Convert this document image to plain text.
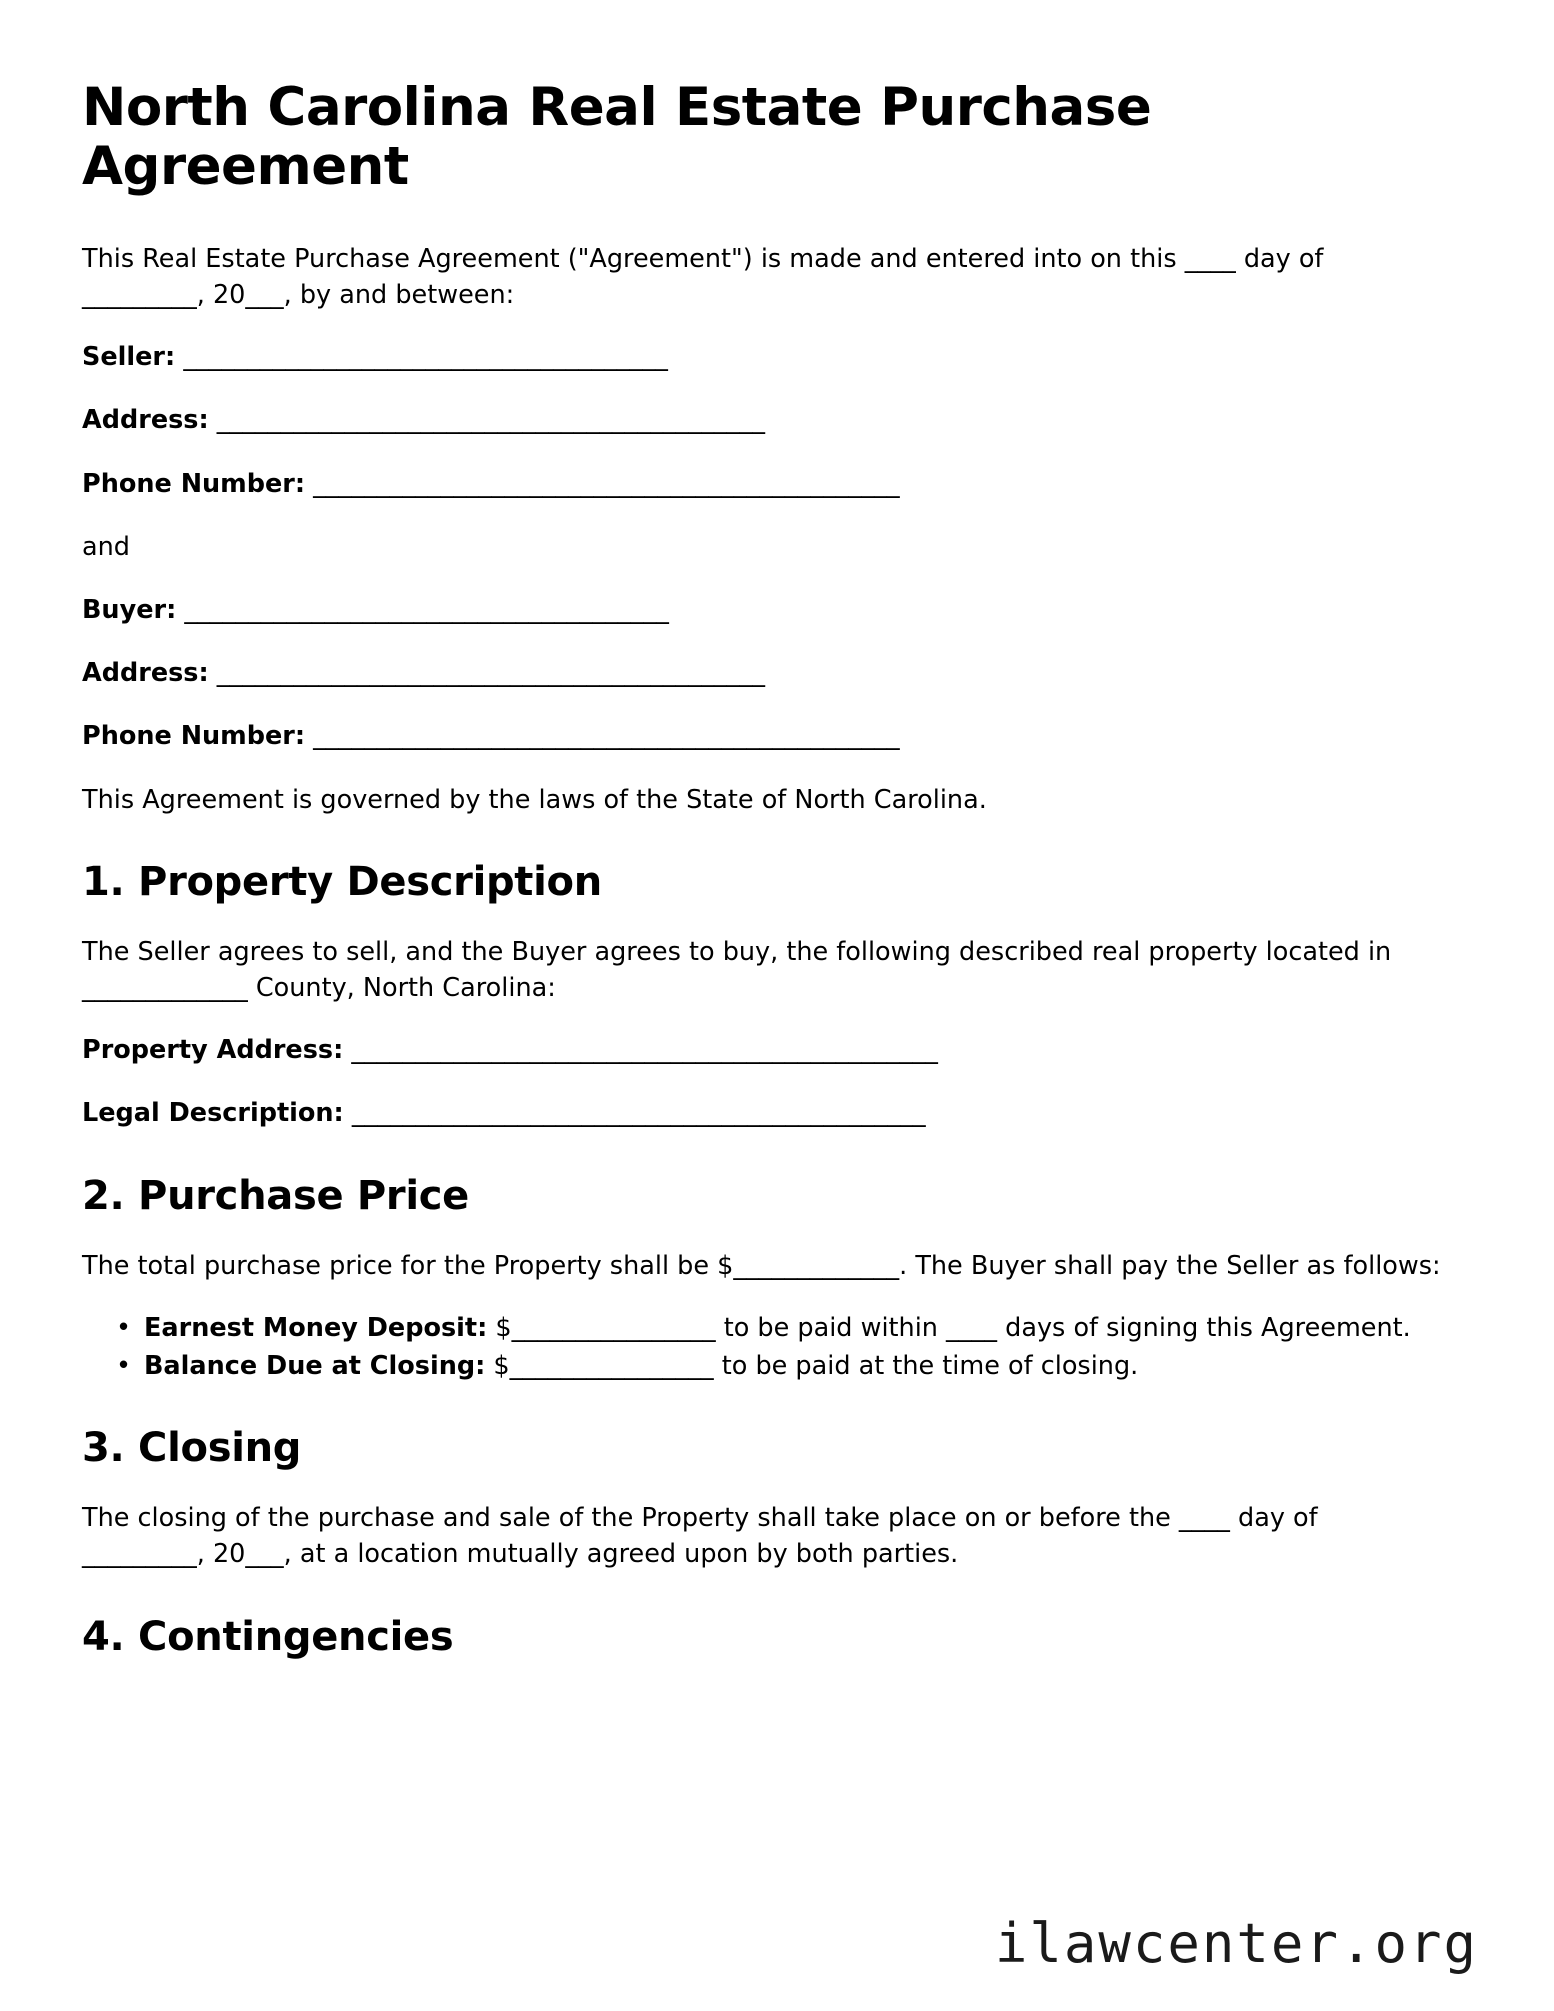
North Carolina Real Estate Purchase Agreement

This Real Estate Purchase Agreement ("Agreement") is made and entered into on this ____ day of _________, 20___, by and between:

Seller: ______________________________________
Address: ___________________________________________
Phone Number: ______________________________________________
and
Buyer: ______________________________________
Address: ___________________________________________
Phone Number: ______________________________________________

This Agreement is governed by the laws of the State of North Carolina.

1. Property Description

The Seller agrees to sell, and the Buyer agrees to buy, the following described real property located in _____________ County, North Carolina:

Property Address: ______________________________________________
Legal Description: _____________________________________________
2. Purchase Price

The total purchase price for the Property shall be $_____________. The Buyer shall pay the Seller as follows:

• Earnest Money Deposit: $________________ to be paid within ____ days of signing this Agreement.
• Balance Due at Closing: $________________ to be paid at the time of closing.
3. Closing

The closing of the purchase and sale of the Property shall take place on or before the ____ day of _________, 20___, at a location mutually agreed upon by both parties.

4. Contingencies
ilawcenter.org
